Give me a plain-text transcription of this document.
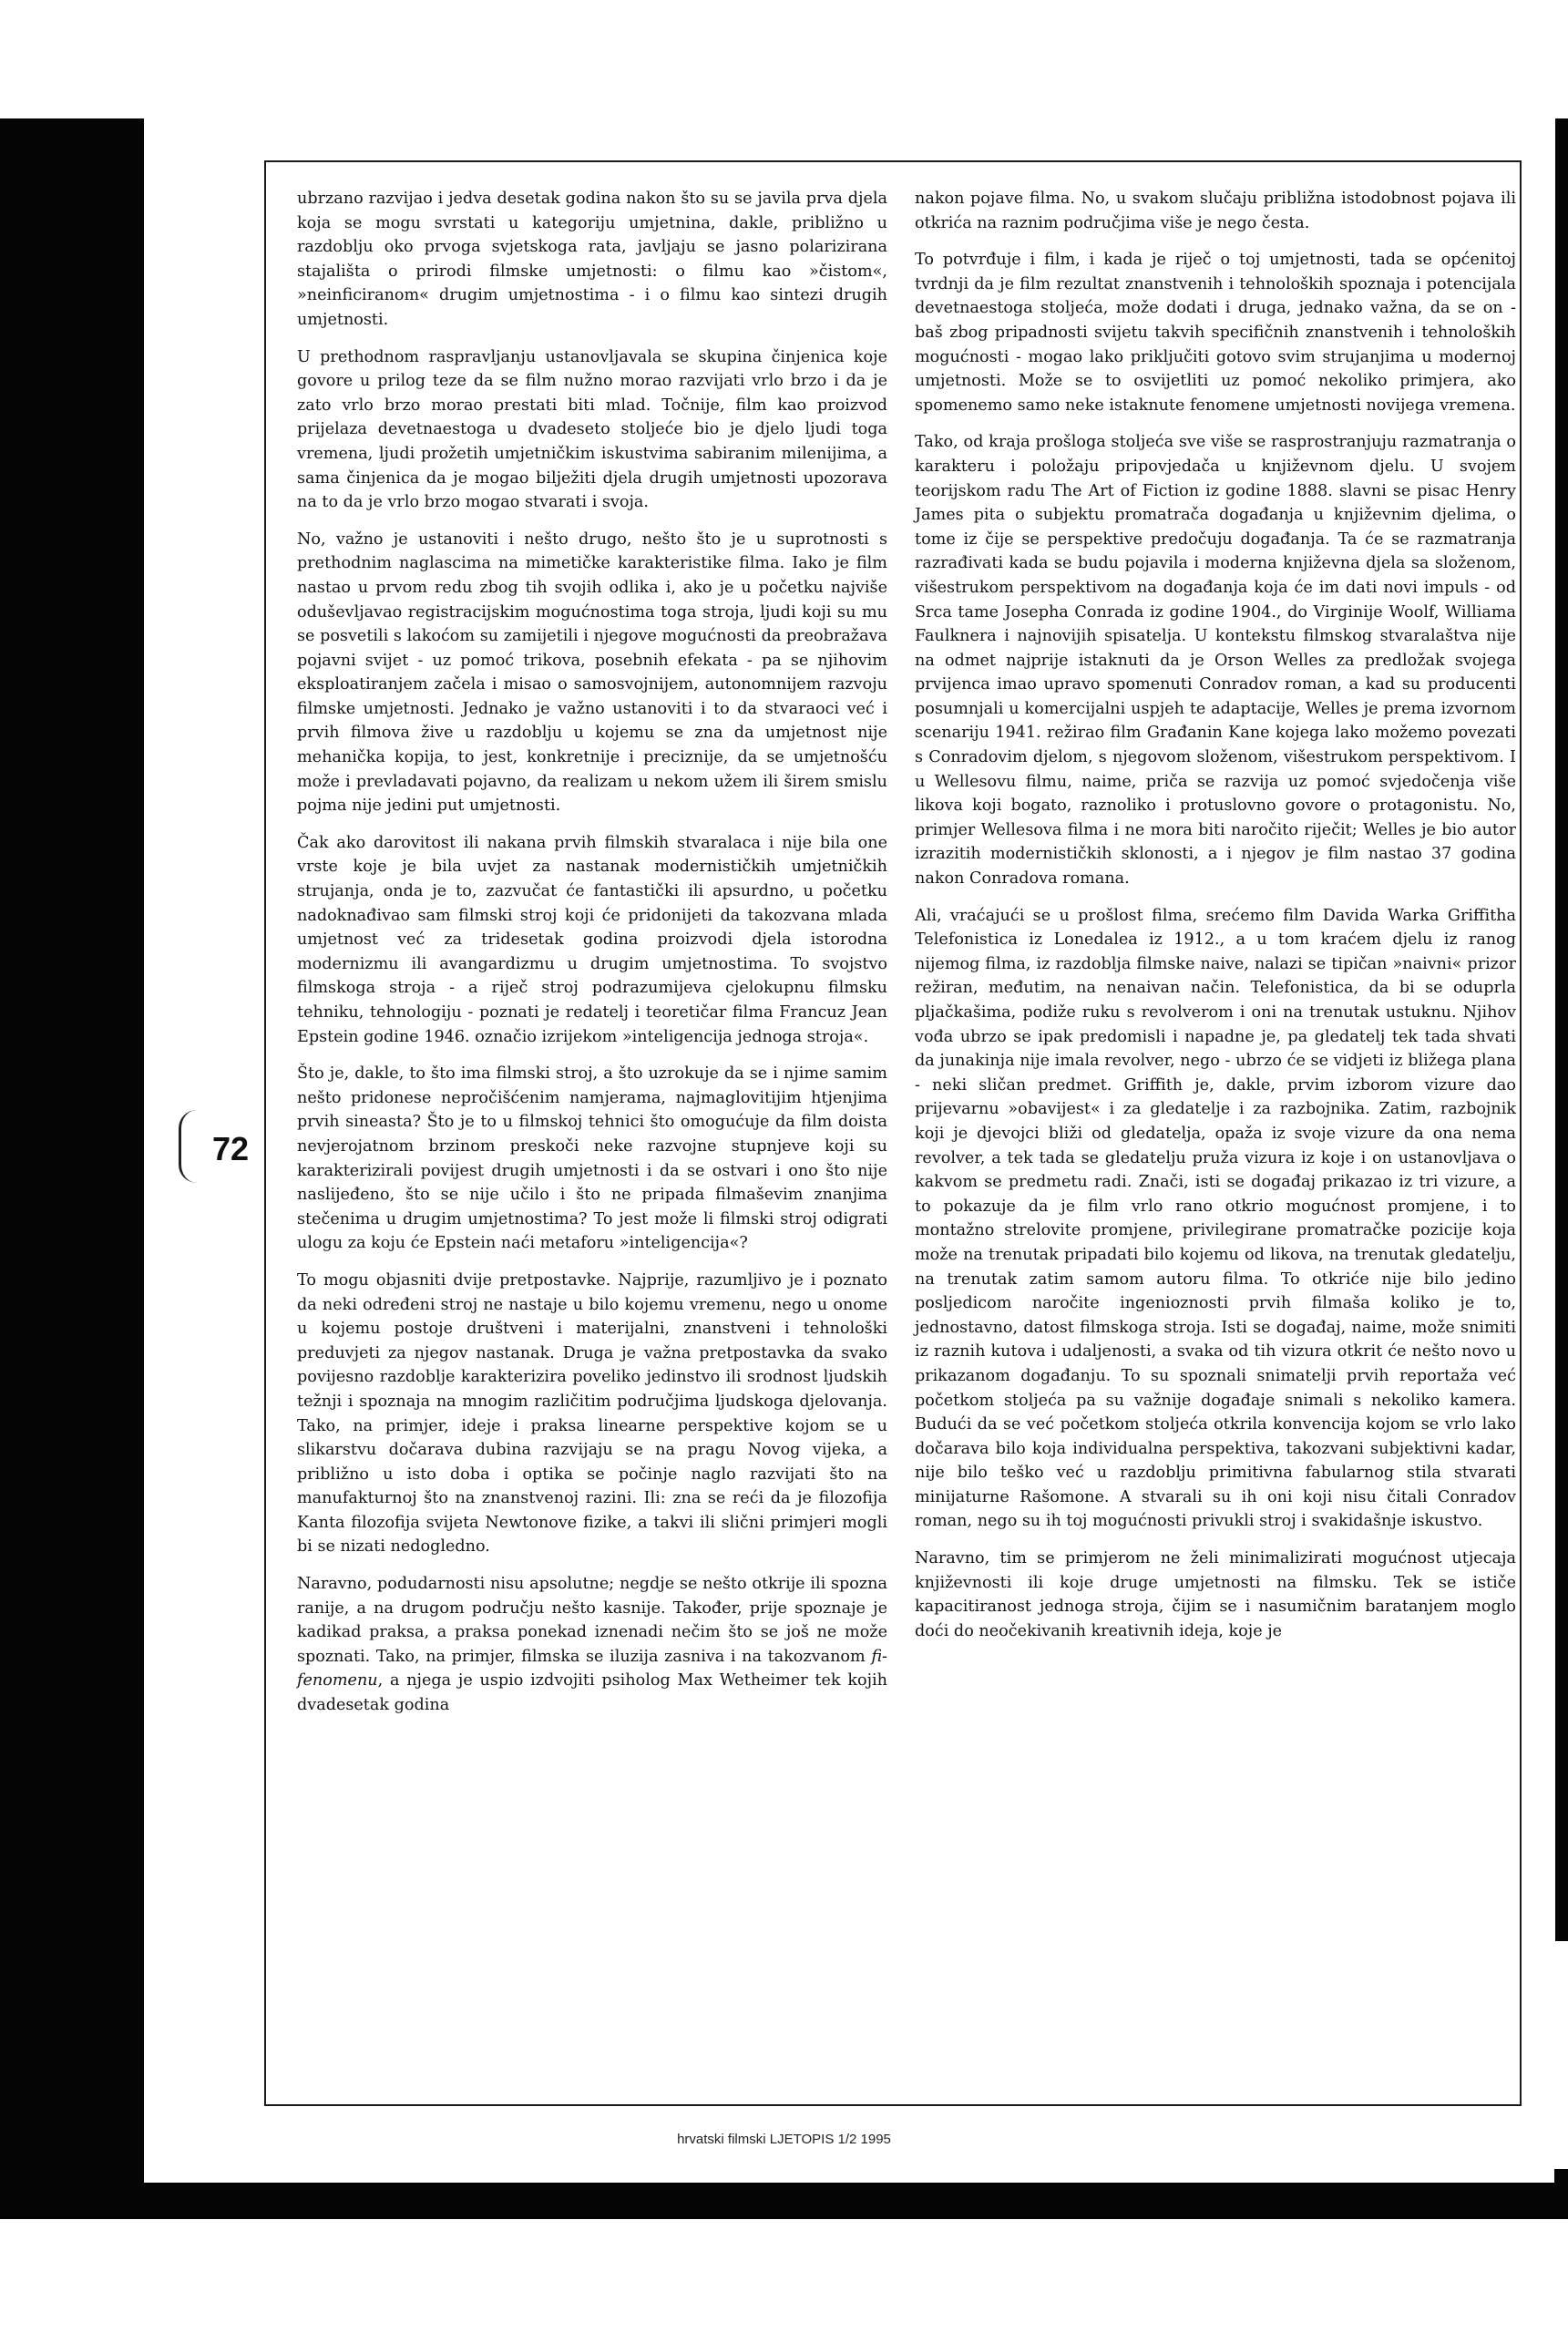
72

ubrzano razvijao i jedva desetak godina nakon što su se javila prva djela koja se mogu svrstati u kategoriju umjetnina, dakle, približno u razdoblju oko prvoga svjetskoga rata, javljaju se jasno polarizirana stajališta o prirodi filmske umjetnosti: o filmu kao »čistom«, »neinficiranom« drugim umjetnostima - i o filmu kao sintezi drugih umjetnosti.

U prethodnom raspravljanju ustanovljavala se skupina činjenica koje govore u prilog teze da se film nužno morao razvijati vrlo brzo i da je zato vrlo brzo morao prestati biti mlad. Točnije, film kao proizvod prijelaza devetnaestoga u dvadeseto stoljeće bio je djelo ljudi toga vremena, ljudi prožetih umjetničkim iskustvima sabiranim milenijima, a sama činjenica da je mogao bilježiti djela drugih umjetnosti upozorava na to da je vrlo brzo mogao stvarati i svoja.

No, važno je ustanoviti i nešto drugo, nešto što je u suprotnosti s prethodnim naglascima na mimetičke karakteristike filma. Iako je film nastao u prvom redu zbog tih svojih odlika i, ako je u početku najviše oduševljavao registracijskim mogućnostima toga stroja, ljudi koji su mu se posvetili s lakoćom su zamijetili i njegove mogućnosti da preobražava pojavni svijet - uz pomoć trikova, posebnih efekata - pa se njihovim eksploatiranjem začela i misao o samosvojnijem, autonomnijem razvoju filmske umjetnosti. Jednako je važno ustanoviti i to da stvaraoci već i prvih filmova žive u razdoblju u kojemu se zna da umjetnost nije mehanička kopija, to jest, konkretnije i preciznije, da se umjetnošću može i prevladavati pojavno, da realizam u nekom užem ili širem smislu pojma nije jedini put umjetnosti.

Čak ako darovitost ili nakana prvih filmskih stvaralaca i nije bila one vrste koje je bila uvjet za nastanak modernističkih umjetničkih strujanja, onda je to, zazvučat će fantastički ili apsurdno, u početku nadoknađivao sam filmski stroj koji će pridonijeti da takozvana mlada umjetnost već za tridesetak godina proizvodi djela istorodna modernizmu ili avangardizmu u drugim umjetnostima. To svojstvo filmskoga stroja - a riječ stroj podrazumijeva cjelokupnu filmsku tehniku, tehnologiju - poznati je redatelj i teoretičar filma Francuz Jean Epstein godine 1946. označio izrijekom »inteligencija jednoga stroja«.

Što je, dakle, to što ima filmski stroj, a što uzrokuje da se i njime samim nešto pridonese nepročišćenim namjerama, najmaglovitijim htjenjima prvih sineasta? Što je to u filmskoj tehnici što omogućuje da film doista nevjerojatnom brzinom preskoči neke razvojne stupnjeve koji su karakterizirali povijest drugih umjetnosti i da se ostvari i ono što nije naslijeđeno, što se nije učilo i što ne pripada filmaševim znanjima stečenima u drugim umjetnostima? To jest može li filmski stroj odigrati ulogu za koju će Epstein naći metaforu »inteligencija«?

To mogu objasniti dvije pretpostavke. Najprije, razumljivo je i poznato da neki određeni stroj ne nastaje u bilo kojemu vremenu, nego u onome u kojemu postoje društveni i materijalni, znanstveni i tehnološki preduvjeti za njegov nastanak. Druga je važna pretpostavka da svako povijesno razdoblje karakterizira poveliko jedinstvo ili srodnost ljudskih težnji i spoznaja na mnogim različitim područjima ljudskoga djelovanja. Tako, na primjer, ideje i praksa linearne perspektive kojom se u slikarstvu dočarava dubina razvijaju se na pragu Novog vijeka, a približno u isto doba i optika se počinje naglo razvijati što na manufakturnoj što na znanstvenoj razini. Ili: zna se reći da je filozofija Kanta filozofija svijeta Newtonove fizike, a takvi ili slični primjeri mogli bi se nizati nedogledno.

Naravno, podudarnosti nisu apsolutne; negdje se nešto otkrije ili spozna ranije, a na drugom području nešto kasnije. Također, prije spoznaje je kadikad praksa, a praksa ponekad iznenadi nečim što se još ne može spoznati. Tako, na primjer, filmska se iluzija zasniva i na takozvanom fi-fenomenu, a njega je uspio izdvojiti psiholog Max Wetheimer tek kojih dvadesetak godina

nakon pojave filma. No, u svakom slučaju približna istodobnost pojava ili otkrića na raznim područjima više je nego česta.

To potvrđuje i film, i kada je riječ o toj umjetnosti, tada se općenitoj tvrdnji da je film rezultat znanstvenih i tehnoloških spoznaja i potencijala devetnaestoga stoljeća, može dodati i druga, jednako važna, da se on - baš zbog pripadnosti svijetu takvih specifičnih znanstvenih i tehnoloških mogućnosti - mogao lako priključiti gotovo svim strujanjima u modernoj umjetnosti. Može se to osvijetliti uz pomoć nekoliko primjera, ako spomenemo samo neke istaknute fenomene umjetnosti novijega vremena.

Tako, od kraja prošloga stoljeća sve više se rasprostranjuju razmatranja o karakteru i položaju pripovjedača u književnom djelu. U svojem teorijskom radu The Art of Fiction iz godine 1888. slavni se pisac Henry James pita o subjektu promatrača događanja u književnim djelima, o tome iz čije se perspektive predočuju događanja. Ta će se razmatranja razrađivati kada se budu pojavila i moderna književna djela sa složenom, višestrukom perspektivom na događanja koja će im dati novi impuls - od Srca tame Josepha Conrada iz godine 1904., do Virginije Woolf, Williama Faulknera i najnovijih spisatelja. U kontekstu filmskog stvaralaštva nije na odmet najprije istaknuti da je Orson Welles za predložak svojega prvijenca imao upravo spomenuti Conradov roman, a kad su producenti posumnjali u komercijalni uspjeh te adaptacije, Welles je prema izvornom scenariju 1941. režirao film Građanin Kane kojega lako možemo povezati s Conradovim djelom, s njegovom složenom, višestrukom perspektivom. I u Wellesovu filmu, naime, priča se razvija uz pomoć svjedočenja više likova koji bogato, raznoliko i protuslovno govore o protagonistu. No, primjer Wellesova filma i ne mora biti naročito riječit; Welles je bio autor izrazitih modernističkih sklonosti, a i njegov je film nastao 37 godina nakon Conradova romana.

Ali, vraćajući se u prošlost filma, srećemo film Davida Warka Griffitha Telefonistica iz Lonedalea iz 1912., a u tom kraćem djelu iz ranog nijemog filma, iz razdoblja filmske naive, nalazi se tipičan »naivni« prizor režiran, međutim, na nenaivan način. Telefonistica, da bi se oduprla pljačkašima, podiže ruku s revolverom i oni na trenutak ustuknu. Njihov vođa ubrzo se ipak predomisli i napadne je, pa gledatelj tek tada shvati da junakinja nije imala revolver, nego - ubrzo će se vidjeti iz bližega plana - neki sličan predmet. Griffith je, dakle, prvim izborom vizure dao prijevarnu »obavijest« i za gledatelje i za razbojnika. Zatim, razbojnik koji je djevojci bliži od gledatelja, opaža iz svoje vizure da ona nema revolver, a tek tada se gledatelju pruža vizura iz koje i on ustanovljava o kakvom se predmetu radi. Znači, isti se događaj prikazao iz tri vizure, a to pokazuje da je film vrlo rano otkrio mogućnost promjene, i to montažno strelovite promjene, privilegirane promatračke pozicije koja može na trenutak pripadati bilo kojemu od likova, na trenutak gledatelju, na trenutak zatim samom autoru filma. To otkriće nije bilo jedino posljedicom naročite ingenioznosti prvih filmaša koliko je to, jednostavno, datost filmskoga stroja. Isti se događaj, naime, može snimiti iz raznih kutova i udaljenosti, a svaka od tih vizura otkrit će nešto novo u prikazanom događanju. To su spoznali snimatelji prvih reportaža već početkom stoljeća pa su važnije događaje snimali s nekoliko kamera. Budući da se već početkom stoljeća otkrila konvencija kojom se vrlo lako dočarava bilo koja individualna perspektiva, takozvani subjektivni kadar, nije bilo teško već u razdoblju primitivna fabularnog stila stvarati minijaturne Rašomone. A stvarali su ih oni koji nisu čitali Conradov roman, nego su ih toj mogućnosti privukli stroj i svakidašnje iskustvo.

Naravno, tim se primjerom ne želi minimalizirati mogućnost utjecaja književnosti ili koje druge umjetnosti na filmsku. Tek se ističe kapacitiranost jednoga stroja, čijim se i nasumičnim baratanjem moglo doći do neočekivanih kreativnih ideja, koje je

hrvatski filmski LJETOPIS 1/2 1995
